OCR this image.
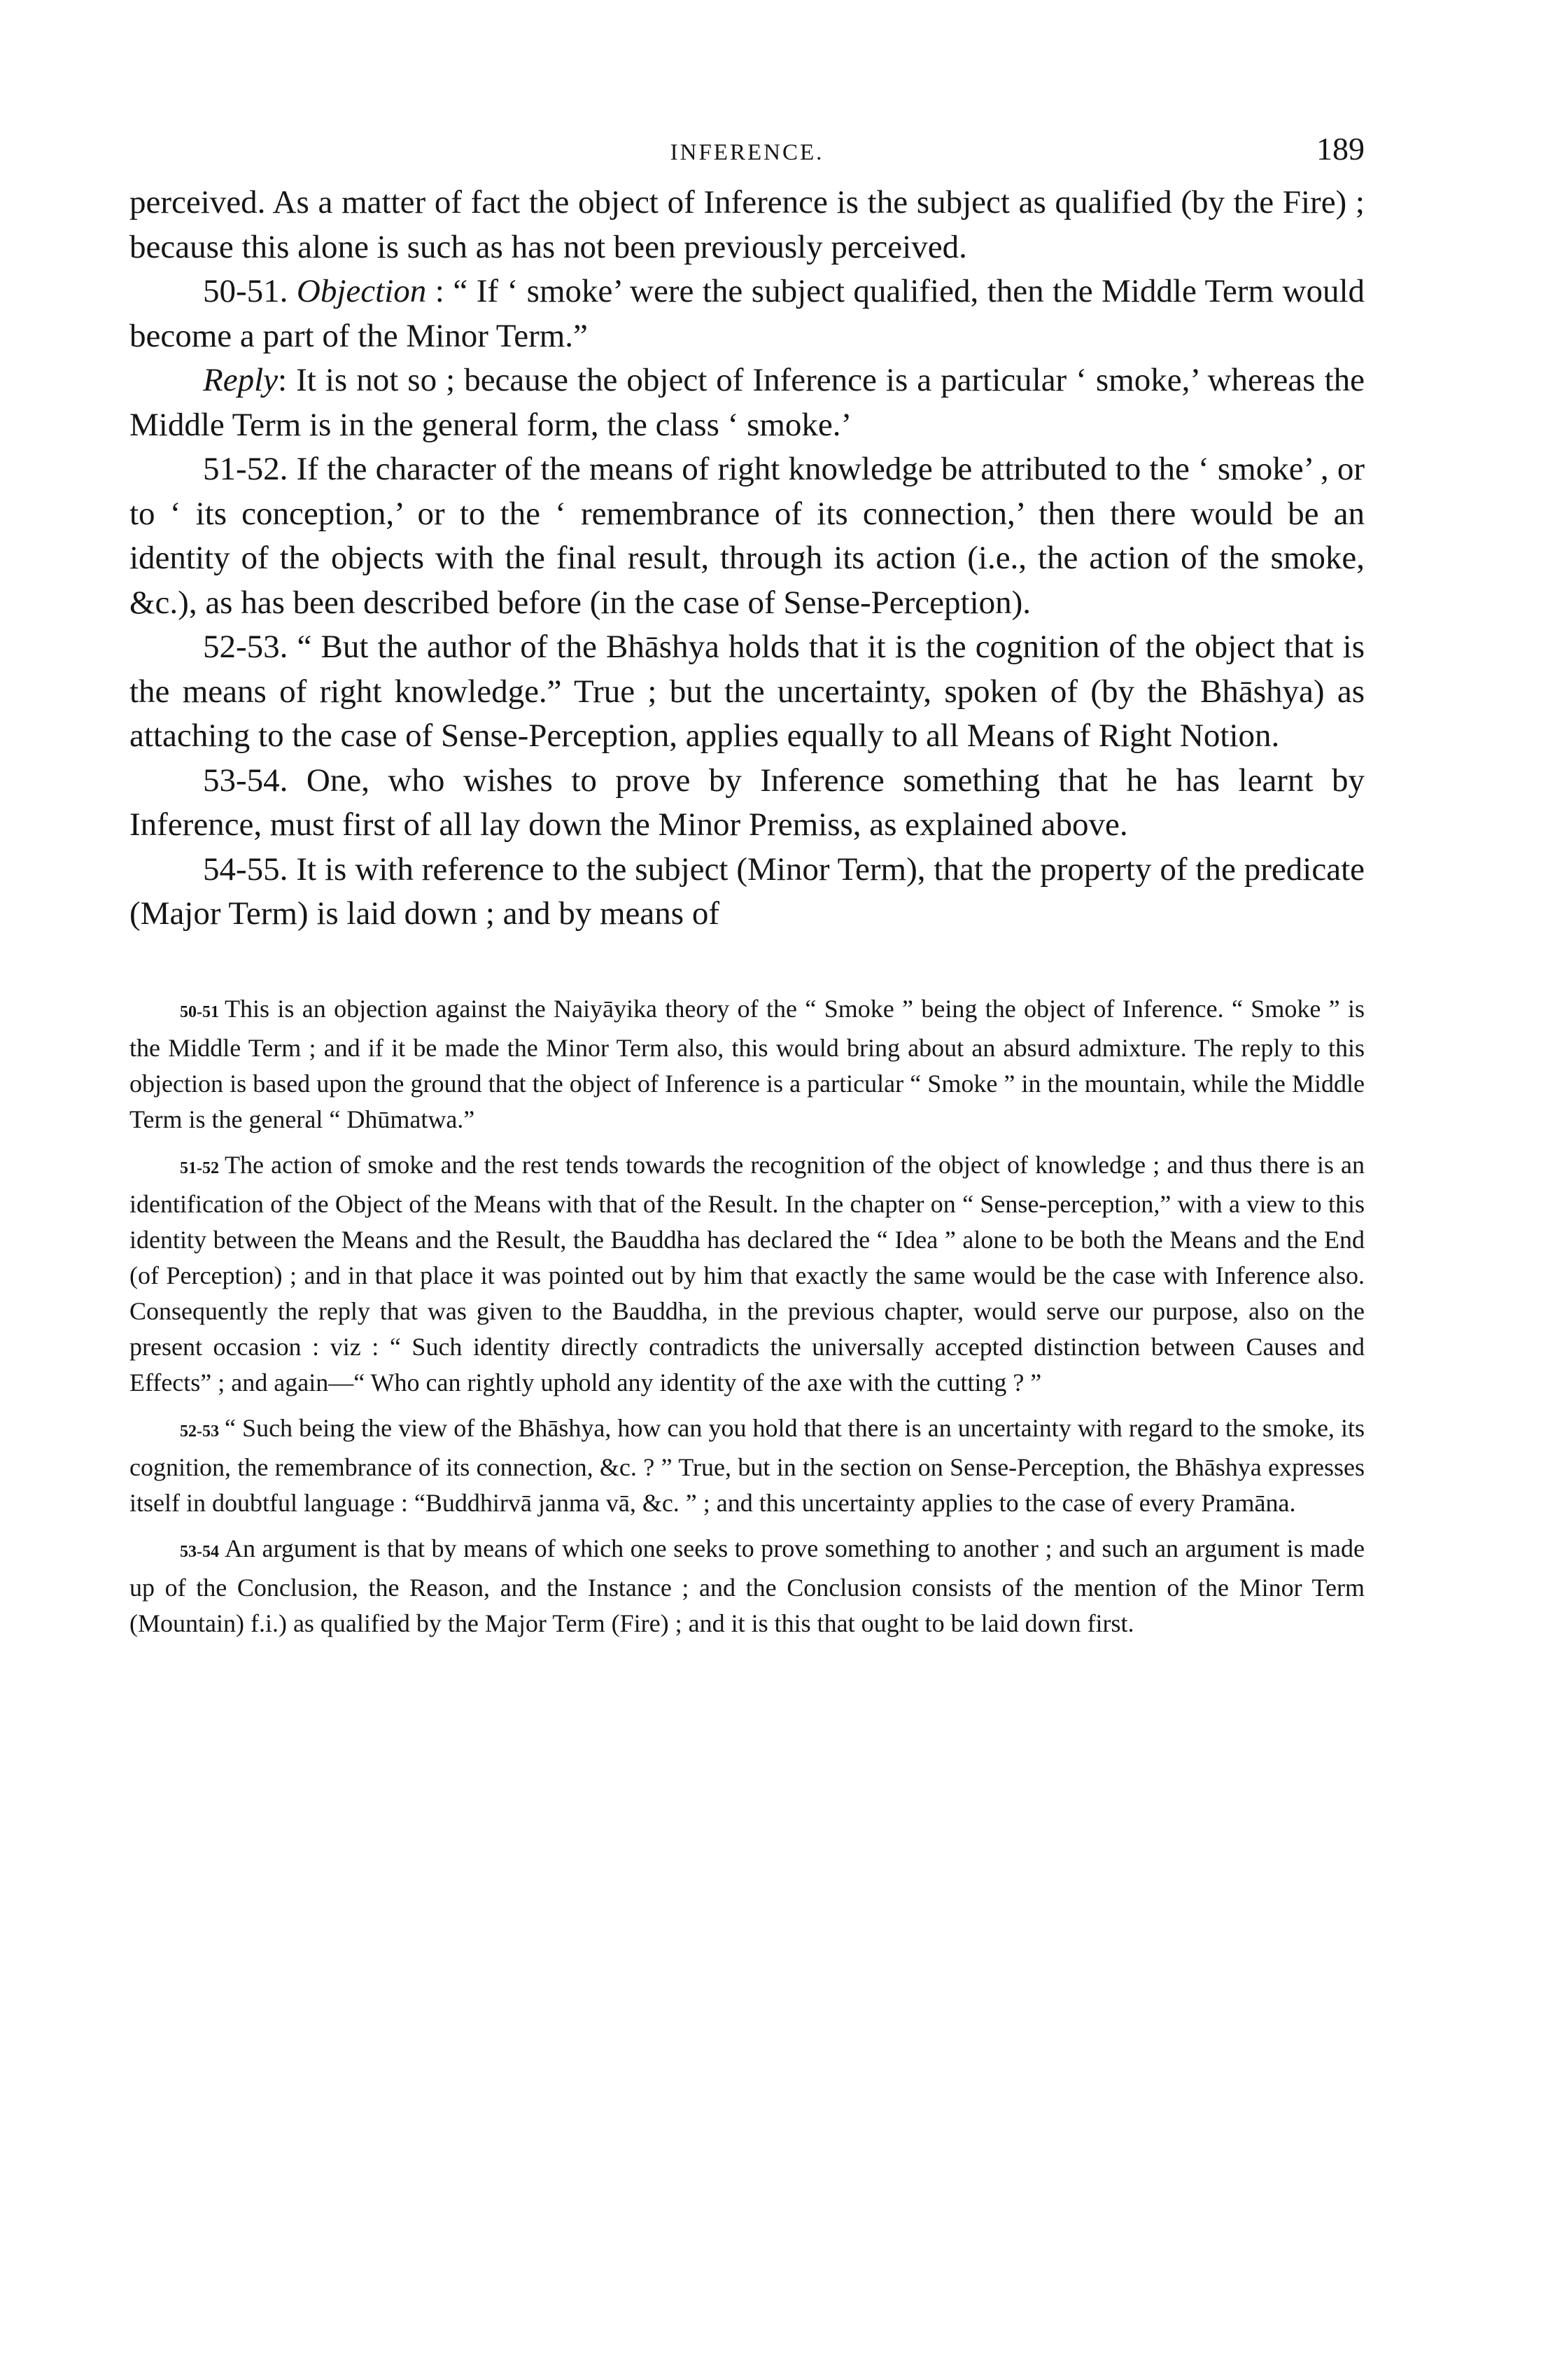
INFERENCE.	189

perceived. As a matter of fact the object of Inference is the subject as qualified (by the Fire) ; because this alone is such as has not been previously perceived.

50-51. Objection : “ If ‘ smoke’ were the subject qualified, then the Middle Term would become a part of the Minor Term.”

Reply: It is not so ; because the object of Inference is a particular ‘ smoke,’ whereas the Middle Term is in the general form, the class ‘ smoke.’

51-52. If the character of the means of right knowledge be attributed to the ‘ smoke’ , or to ‘ its conception,’ or to the ‘ remembrance of its connection,’ then there would be an identity of the objects with the final result, through its action (i.e., the action of the smoke, &c.), as has been described before (in the case of Sense-Perception).

52-53. “ But the author of the Bhāshya holds that it is the cognition of the object that is the means of right knowledge.” True ; but the uncertainty, spoken of (by the Bhāshya) as attaching to the case of Sense-Perception, applies equally to all Means of Right Notion.

53-54. One, who wishes to prove by Inference something that he has learnt by Inference, must first of all lay down the Minor Premiss, as explained above.

54-55. It is with reference to the subject (Minor Term), that the property of the predicate (Major Term) is laid down ; and by means of

50-51 This is an objection against the Naiyāyika theory of the “ Smoke ” being the object of Inference. “ Smoke ” is the Middle Term ; and if it be made the Minor Term also, this would bring about an absurd admixture. The reply to this objection is based upon the ground that the object of Inference is a particular “ Smoke ” in the mountain, while the Middle Term is the general “ Dhūmatwa.”

51-52 The action of smoke and the rest tends towards the recognition of the object of knowledge ; and thus there is an identification of the Object of the Means with that of the Result. In the chapter on “ Sense-perception,” with a view to this identity between the Means and the Result, the Bauddha has declared the “ Idea ” alone to be both the Means and the End (of Perception) ; and in that place it was pointed out by him that exactly the same would be the case with Inference also. Consequently the reply that was given to the Bauddha, in the previous chapter, would serve our purpose, also on the present occasion : viz : “ Such identity directly contradicts the universally accepted distinction between Causes and Effects” ; and again—“ Who can rightly uphold any identity of the axe with the cutting ? ”

52-53 “ Such being the view of the Bhāshya, how can you hold that there is an uncertainty with regard to the smoke, its cognition, the remembrance of its connection, &c. ? ” True, but in the section on Sense-Perception, the Bhāshya expresses itself in doubtful language : “Buddhirvā janma vā, &c. ” ; and this uncertainty applies to the case of every Pramāna.

53-54 An argument is that by means of which one seeks to prove something to another ; and such an argument is made up of the Conclusion, the Reason, and the Instance ; and the Conclusion consists of the mention of the Minor Term (Mountain) f.i.) as qualified by the Major Term (Fire) ; and it is this that ought to be laid down first.
